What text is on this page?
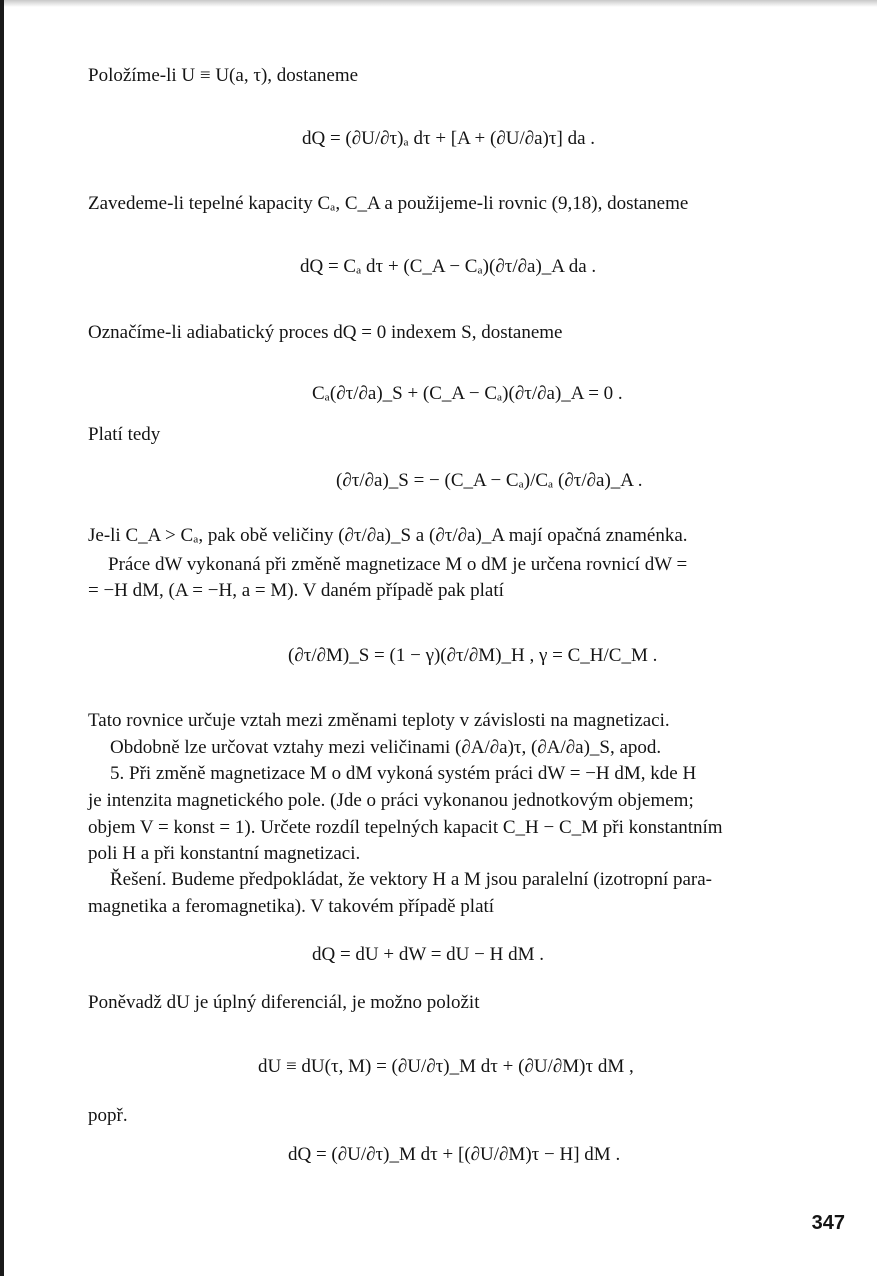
Položíme-li U ≡ U(a, τ), dostaneme
dQ = (∂U/∂τ)ₐ dτ + [A + (∂U/∂a)τ] da .
Zavedeme-li tepelné kapacity Cₐ, C_A a použijeme-li rovnic (9,18), dostaneme
dQ = Cₐ dτ + (C_A − Cₐ)(∂τ/∂a)_A da .
Označíme-li adiabatický proces dQ = 0 indexem S, dostaneme
Cₐ(∂τ/∂a)_S + (C_A − Cₐ)(∂τ/∂a)_A = 0 .
Platí tedy
(∂τ/∂a)_S = − (C_A − Cₐ)/Cₐ (∂τ/∂a)_A .
Je-li C_A > Cₐ, pak obě veličiny (∂τ/∂a)_S a (∂τ/∂a)_A mají opačná znaménka.
Práce dW vykonaná při změně magnetizace M o dM je určena rovnicí dW =
= −H dM, (A = −H, a = M). V daném případě pak platí
(∂τ/∂M)_S = (1 − γ)(∂τ/∂M)_H , γ = C_H/C_M .
Tato rovnice určuje vztah mezi změnami teploty v závislosti na magnetizaci.
Obdobně lze určovat vztahy mezi veličinami (∂A/∂a)τ, (∂A/∂a)_S, apod.
5. Při změně magnetizace M o dM vykoná systém práci dW = −H dM, kde H
je intenzita magnetického pole. (Jde o práci vykonanou jednotkovým objemem;
objem V = konst = 1). Určete rozdíl tepelných kapacit C_H − C_M při konstantním
poli H a při konstantní magnetizaci.
Řešení. Budeme předpokládat, že vektory H a M jsou paralelní (izotropní para-
magnetika a feromagnetika). V takovém případě platí
dQ = dU + dW = dU − H dM .
Poněvadž dU je úplný diferenciál, je možno položit
dU ≡ dU(τ, M) = (∂U/∂τ)_M dτ + (∂U/∂M)τ dM ,
popř.
dQ = (∂U/∂τ)_M dτ + [(∂U/∂M)τ − H] dM .
347
